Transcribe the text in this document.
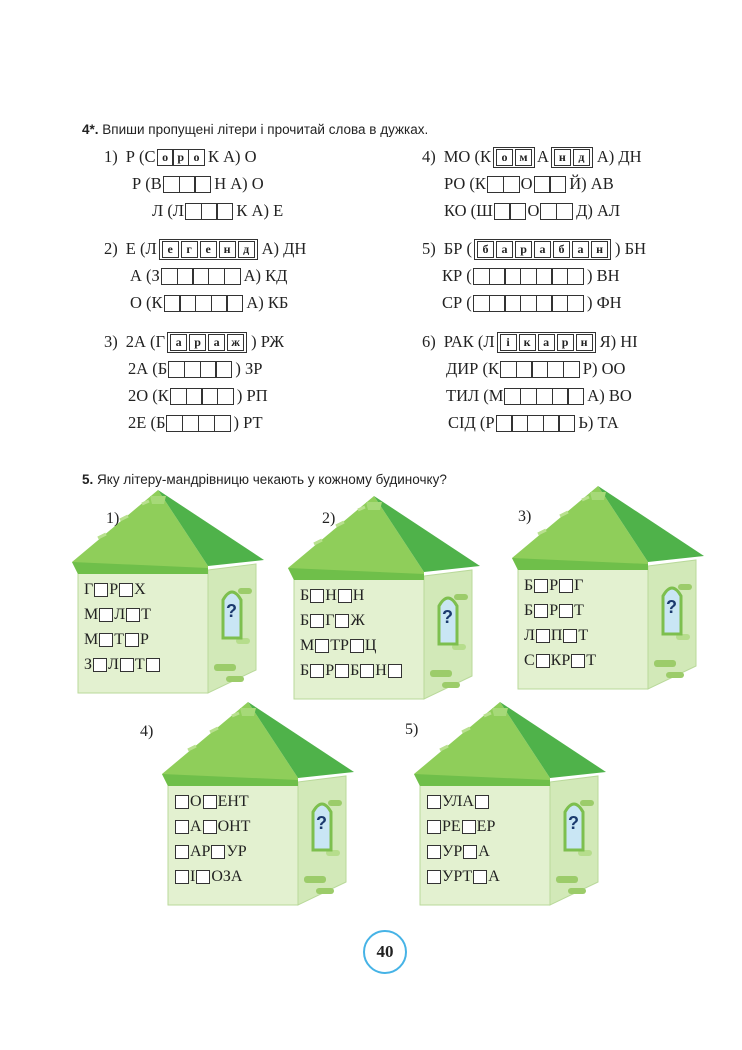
4*. Впиши пропущені літери і прочитай слова в дужках.
1) Р (С о р о К А) О
Р (В	Н А) О
Л (Л	К А) Е
2) Е (Л е	г	е	н	д А) ДН
А (З	А) КД
О (К	А) КБ
3) 2А (Г а	р	а ж ) РЖ
2А (Б	) ЗР
2О (К	) РП
2Е (Б	) РТ
4) МО (К о м А н	д А) ДН
РО (К О Й) АВ
КО (Ш О Д) АЛ
5) БР ( б	а	р	а	б	а	н ) БН
КР (	) ВН
СР (	) ФН
6) РАК (Л і	к	а	р	н Я) НІ
ДИР (К	Р) ОО
ТИЛ (М	А) ВО
СІД (Р	Ь) ТА
5. Яку літеру-мандрівницю чекають у кожному будиночку?
Г Р Х
М Л Т
М Т Р
З Л Т
?
1)
Б Н Н
Б Г Ж
М ТР Ц
Б Р Б Н
?
2)
Б Р Г
Б Р Т
Л П Т
С КР Т
?
3)
О ЕНТ
А ОНТ
АР УР
І ОЗА
?
4)
УЛА
РЕ ЕР
УР А
УРТ А
?
5)
40
